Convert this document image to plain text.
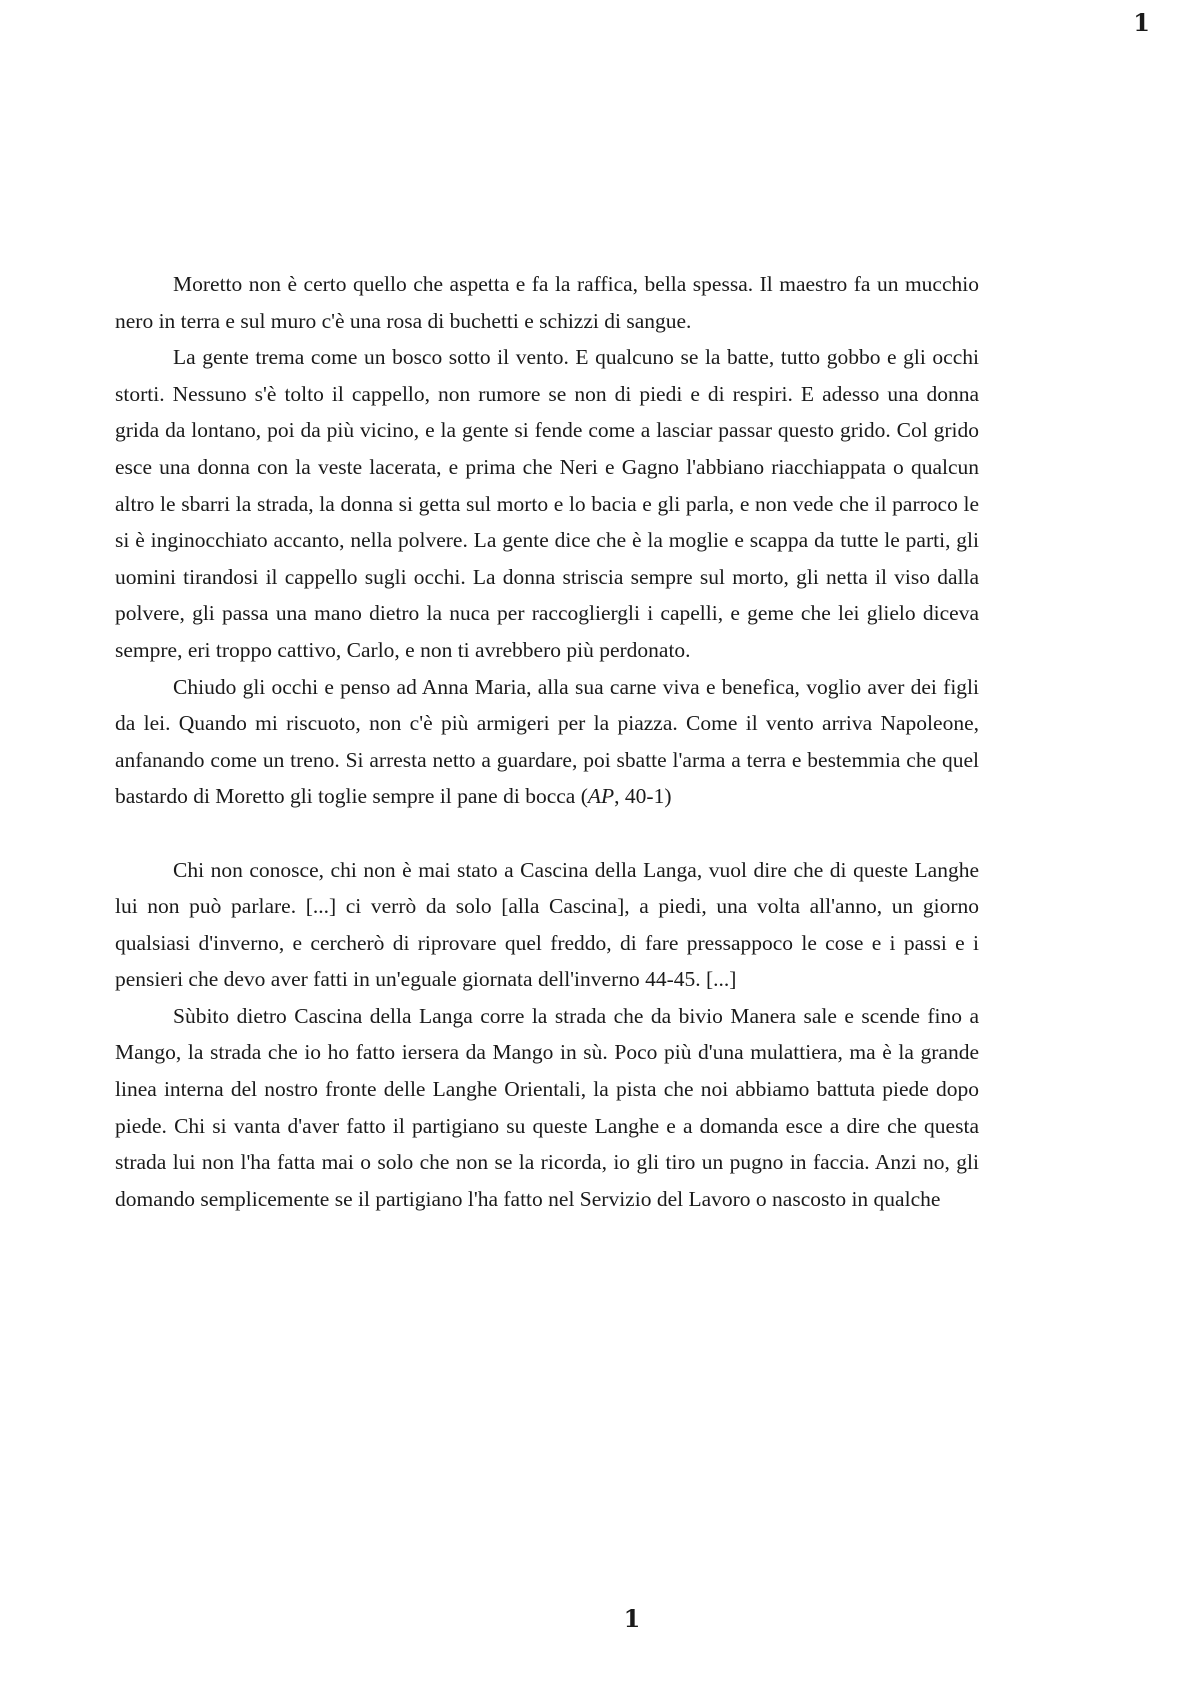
1

Moretto non è certo quello che aspetta e fa la raffica, bella spessa. Il maestro fa un mucchio nero in terra e sul muro c'è una rosa di buchetti e schizzi di sangue.

La gente trema come un bosco sotto il vento. E qualcuno se la batte, tutto gobbo e gli occhi storti. Nessuno s'è tolto il cappello, non rumore se non di piedi e di respiri. E adesso una donna grida da lontano, poi da più vicino, e la gente si fende come a lasciar passar questo grido. Col grido esce una donna con la veste lacerata, e prima che Neri e Gagno l'abbiano riacchiappata o qualcun altro le sbarri la strada, la donna si getta sul morto e lo bacia e gli parla, e non vede che il parroco le si è inginocchiato accanto, nella polvere. La gente dice che è la moglie e scappa da tutte le parti, gli uomini tirandosi il cappello sugli occhi. La donna striscia sempre sul morto, gli netta il viso dalla polvere, gli passa una mano dietro la nuca per raccogliergli i capelli, e geme che lei glielo diceva sempre, eri troppo cattivo, Carlo, e non ti avrebbero più perdonato.

Chiudo gli occhi e penso ad Anna Maria, alla sua carne viva e benefica, voglio aver dei figli da lei. Quando mi riscuoto, non c'è più armigeri per la piazza. Come il vento arriva Napoleone, anfanando come un treno. Si arresta netto a guardare, poi sbatte l'arma a terra e bestemmia che quel bastardo di Moretto gli toglie sempre il pane di bocca (AP, 40-1)

Chi non conosce, chi non è mai stato a Cascina della Langa, vuol dire che di queste Langhe lui non può parlare. [...] ci verrò da solo [alla Cascina], a piedi, una volta all'anno, un giorno qualsiasi d'inverno, e cercherò di riprovare quel freddo, di fare pressappoco le cose e i passi e i pensieri che devo aver fatti in un'eguale giornata dell'inverno 44-45. [...]

Sùbito dietro Cascina della Langa corre la strada che da bivio Manera sale e scende fino a Mango, la strada che io ho fatto iersera da Mango in sù. Poco più d'una mulattiera, ma è la grande linea interna del nostro fronte delle Langhe Orientali, la pista che noi abbiamo battuta piede dopo piede. Chi si vanta d'aver fatto il partigiano su queste Langhe e a domanda esce a dire che questa strada lui non l'ha fatta mai o solo che non se la ricorda, io gli tiro un pugno in faccia. Anzi no, gli domando semplicemente se il partigiano l'ha fatto nel Servizio del Lavoro o nascosto in qualche

1
